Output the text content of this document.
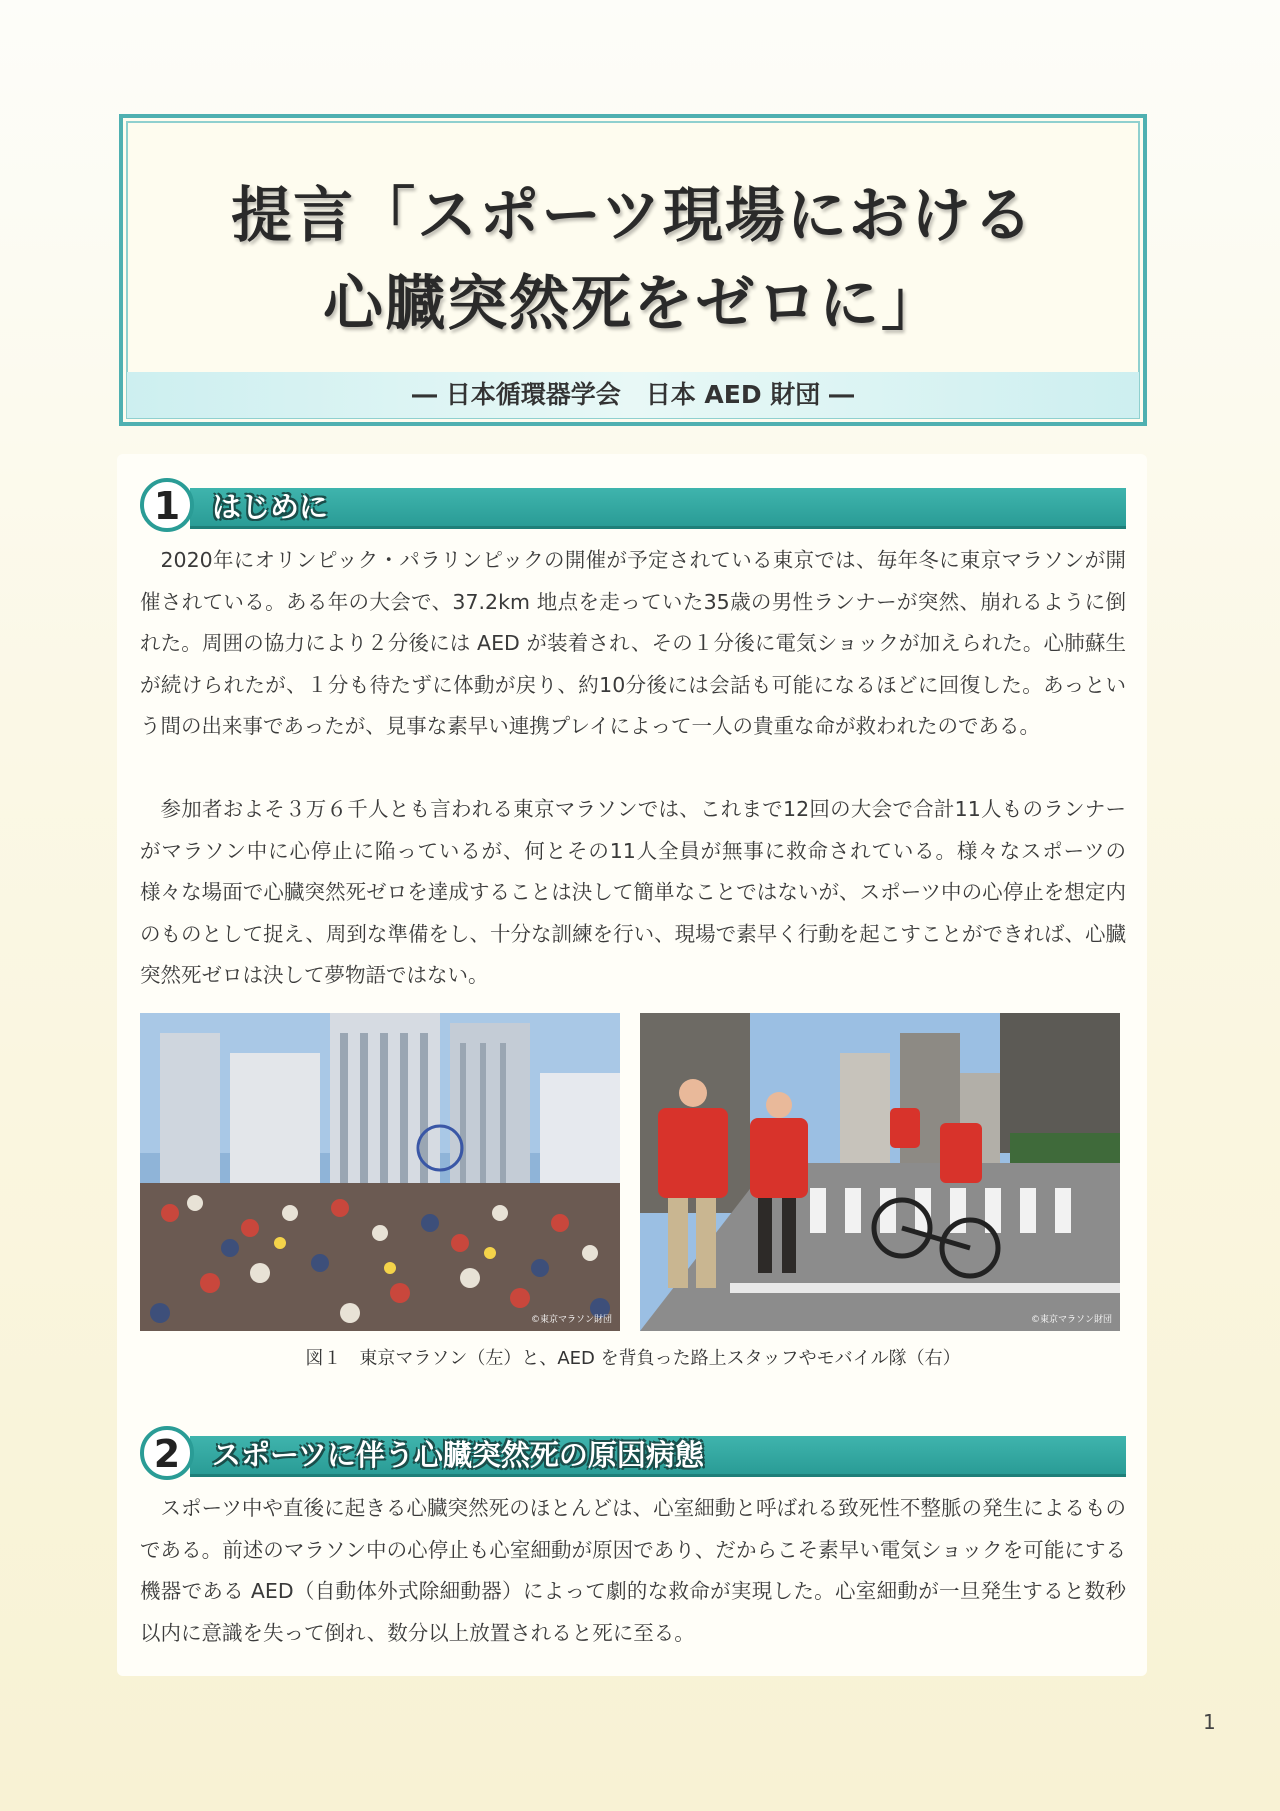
提言「スポーツ現場における
心臓突然死をゼロに」
― 日本循環器学会　日本 AED 財団 ―
1	はじめに

2020年にオリンピック・パラリンピックの開催が予定されている東京では、毎年冬に東京マラソンが開催されている。ある年の大会で、37.2km 地点を走っていた35歳の男性ランナーが突然、崩れるように倒れた。周囲の協力により２分後には AED が装着され、その１分後に電気ショックが加えられた。心肺蘇生が続けられたが、１分も待たずに体動が戻り、約10分後には会話も可能になるほどに回復した。あっという間の出来事であったが、見事な素早い連携プレイによって一人の貴重な命が救われたのである。

参加者およそ３万６千人とも言われる東京マラソンでは、これまで12回の大会で合計11人ものランナーがマラソン中に心停止に陥っているが、何とその11人全員が無事に救命されている。様々なスポーツの様々な場面で心臓突然死ゼロを達成することは決して簡単なことではないが、スポーツ中の心停止を想定内のものとして捉え、周到な準備をし、十分な訓練を行い、現場で素早く行動を起こすことができれば、心臓突然死ゼロは決して夢物語ではない。

©東京マラソン財団	©東京マラソン財団
図１　東京マラソン（左）と、AED を背負った路上スタッフやモバイル隊（右）
2	スポーツに伴う心臓突然死の原因病態

スポーツ中や直後に起きる心臓突然死のほとんどは、心室細動と呼ばれる致死性不整脈の発生によるものである。前述のマラソン中の心停止も心室細動が原因であり、だからこそ素早い電気ショックを可能にする機器である AED（自動体外式除細動器）によって劇的な救命が実現した。心室細動が一旦発生すると数秒以内に意識を失って倒れ、数分以上放置されると死に至る。

1
